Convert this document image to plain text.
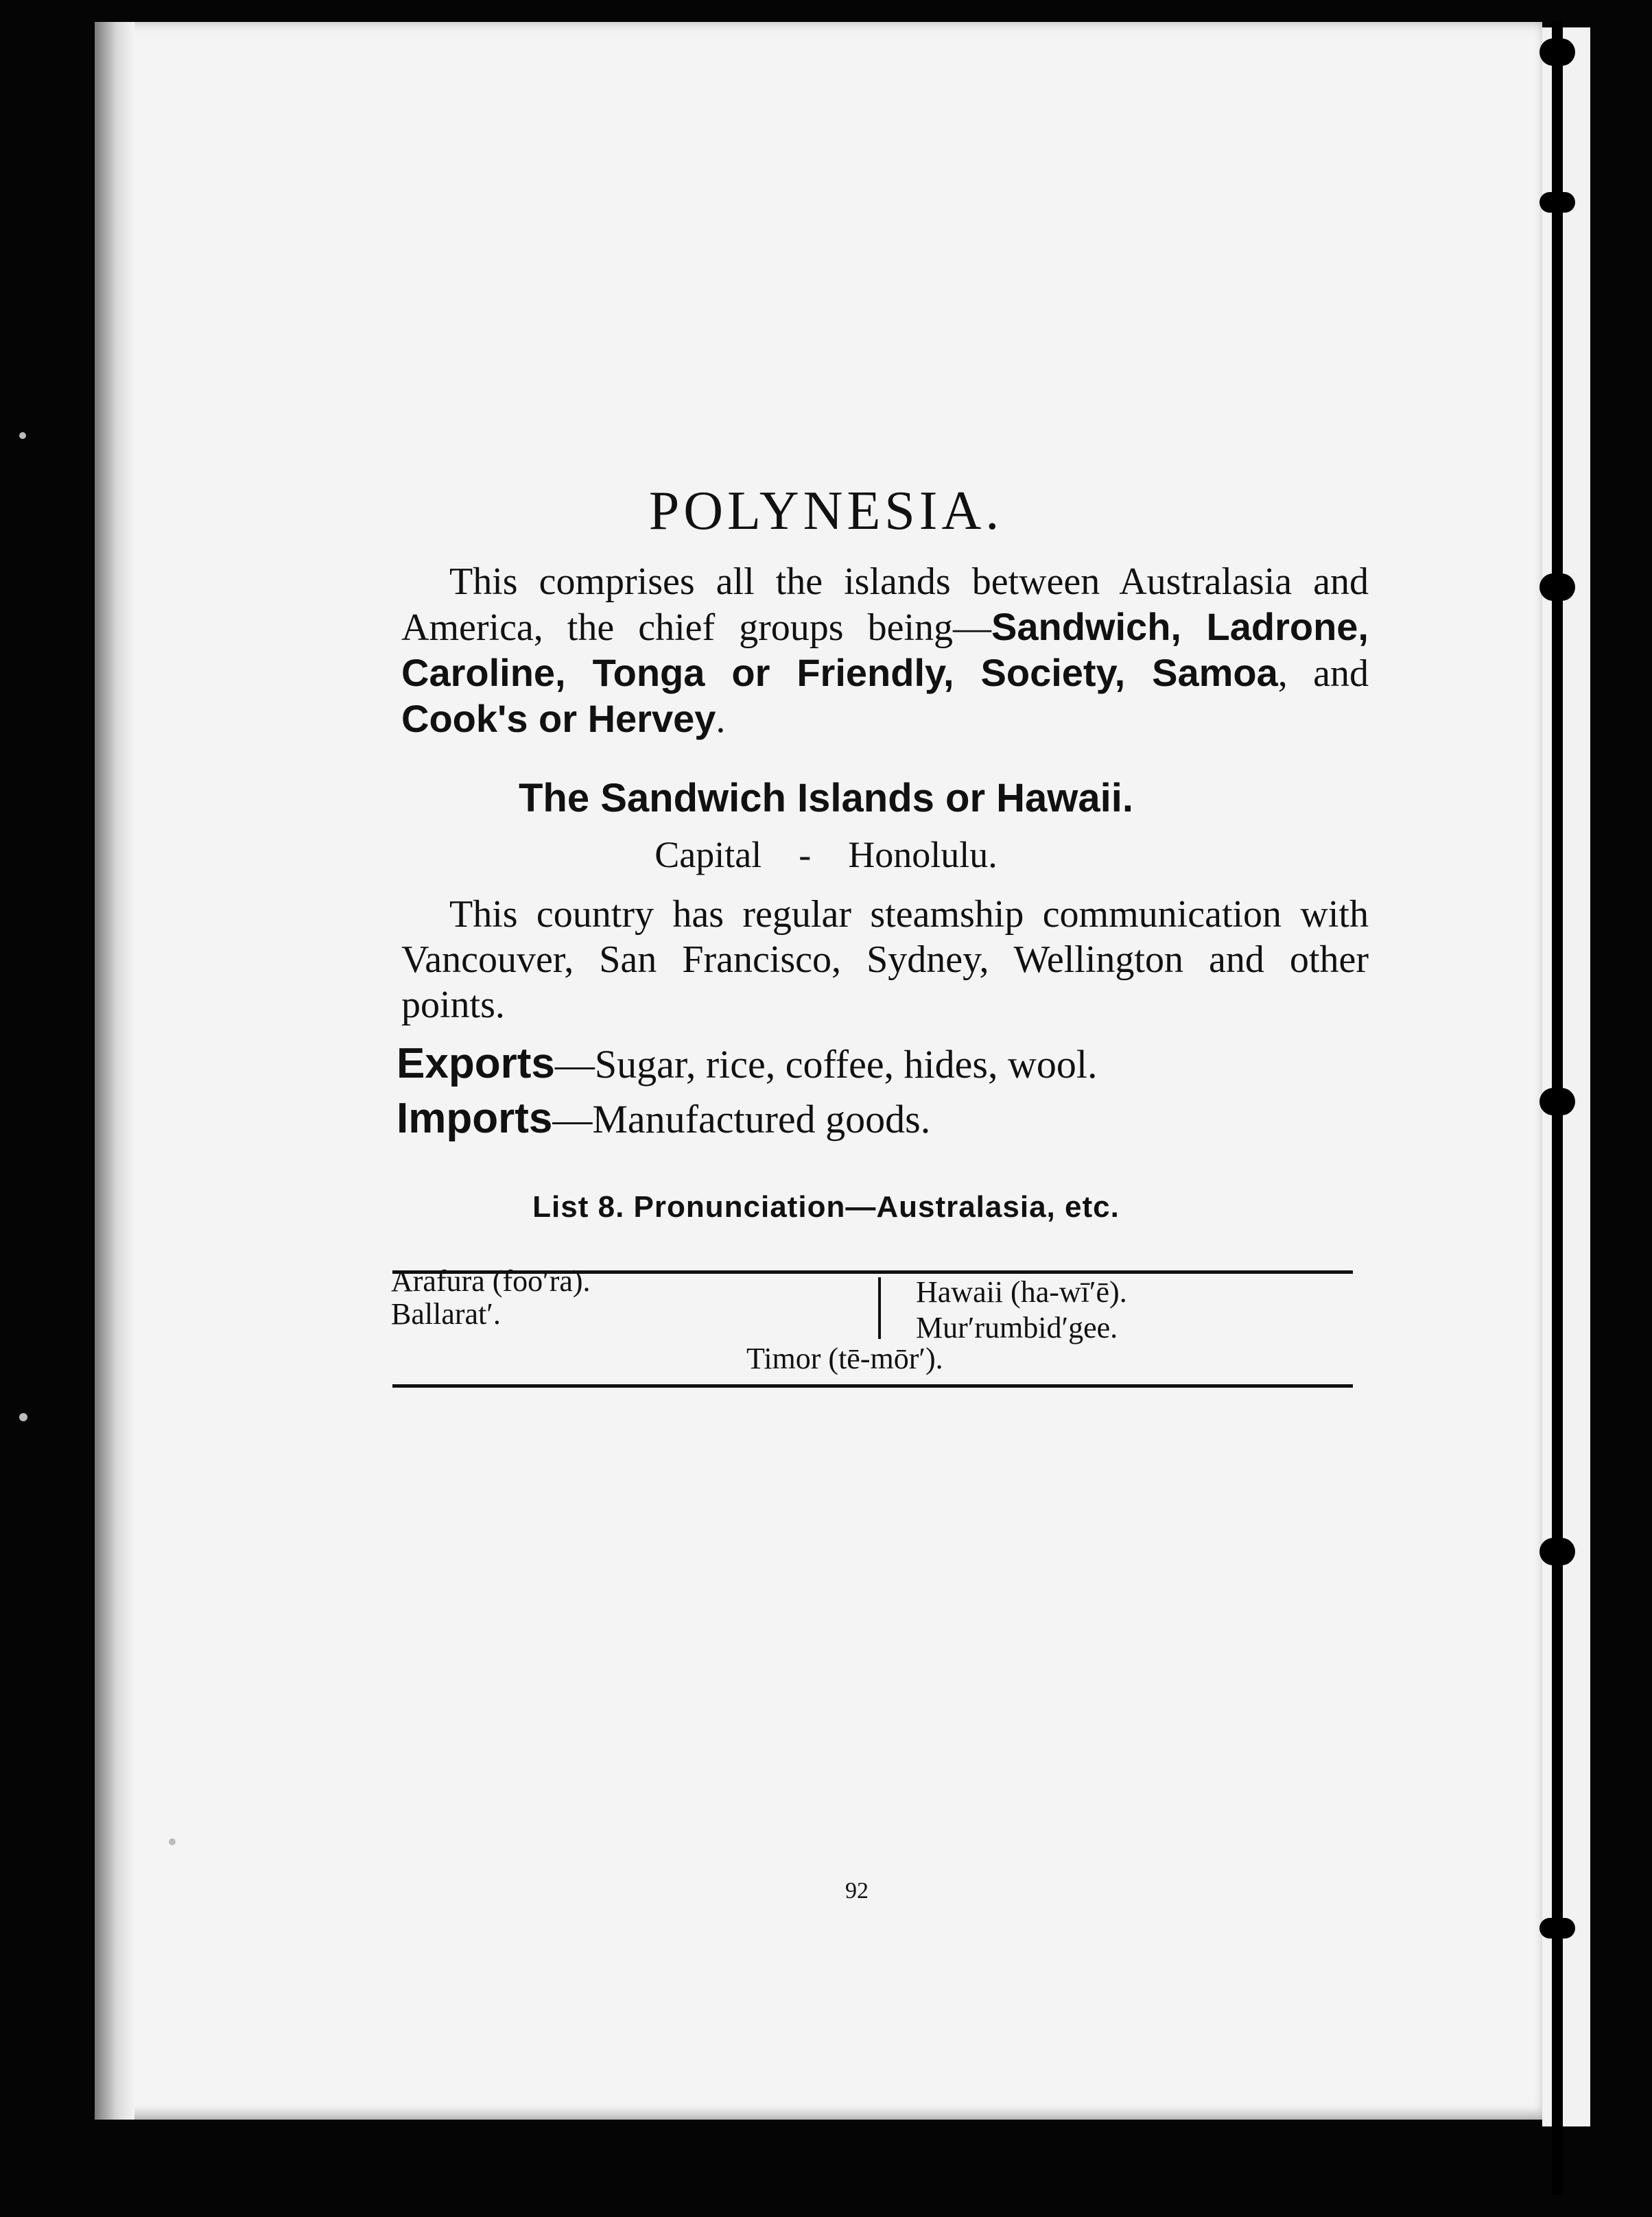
POLYNESIA.
This comprises all the islands between Australasia and America, the chief groups being—Sandwich, Ladrone, Caroline, Tonga or Friendly, Society, Samoa, and Cook's or Hervey.
The Sandwich Islands or Hawaii.
Capital - Honolulu.
This country has regular steamship communication with Vancouver, San Francisco, Sydney, Wellington and other points.
Exports—Sugar, rice, coffee, hides, wool.
Imports—Manufactured goods.
List 8. Pronunciation—Australasia, etc.
Arafura (foo′ra).
Ballarat′.
Hawaii (ha-wī′ē).
Mur′rumbid′gee.
Timor (tē-mōr′).
92
